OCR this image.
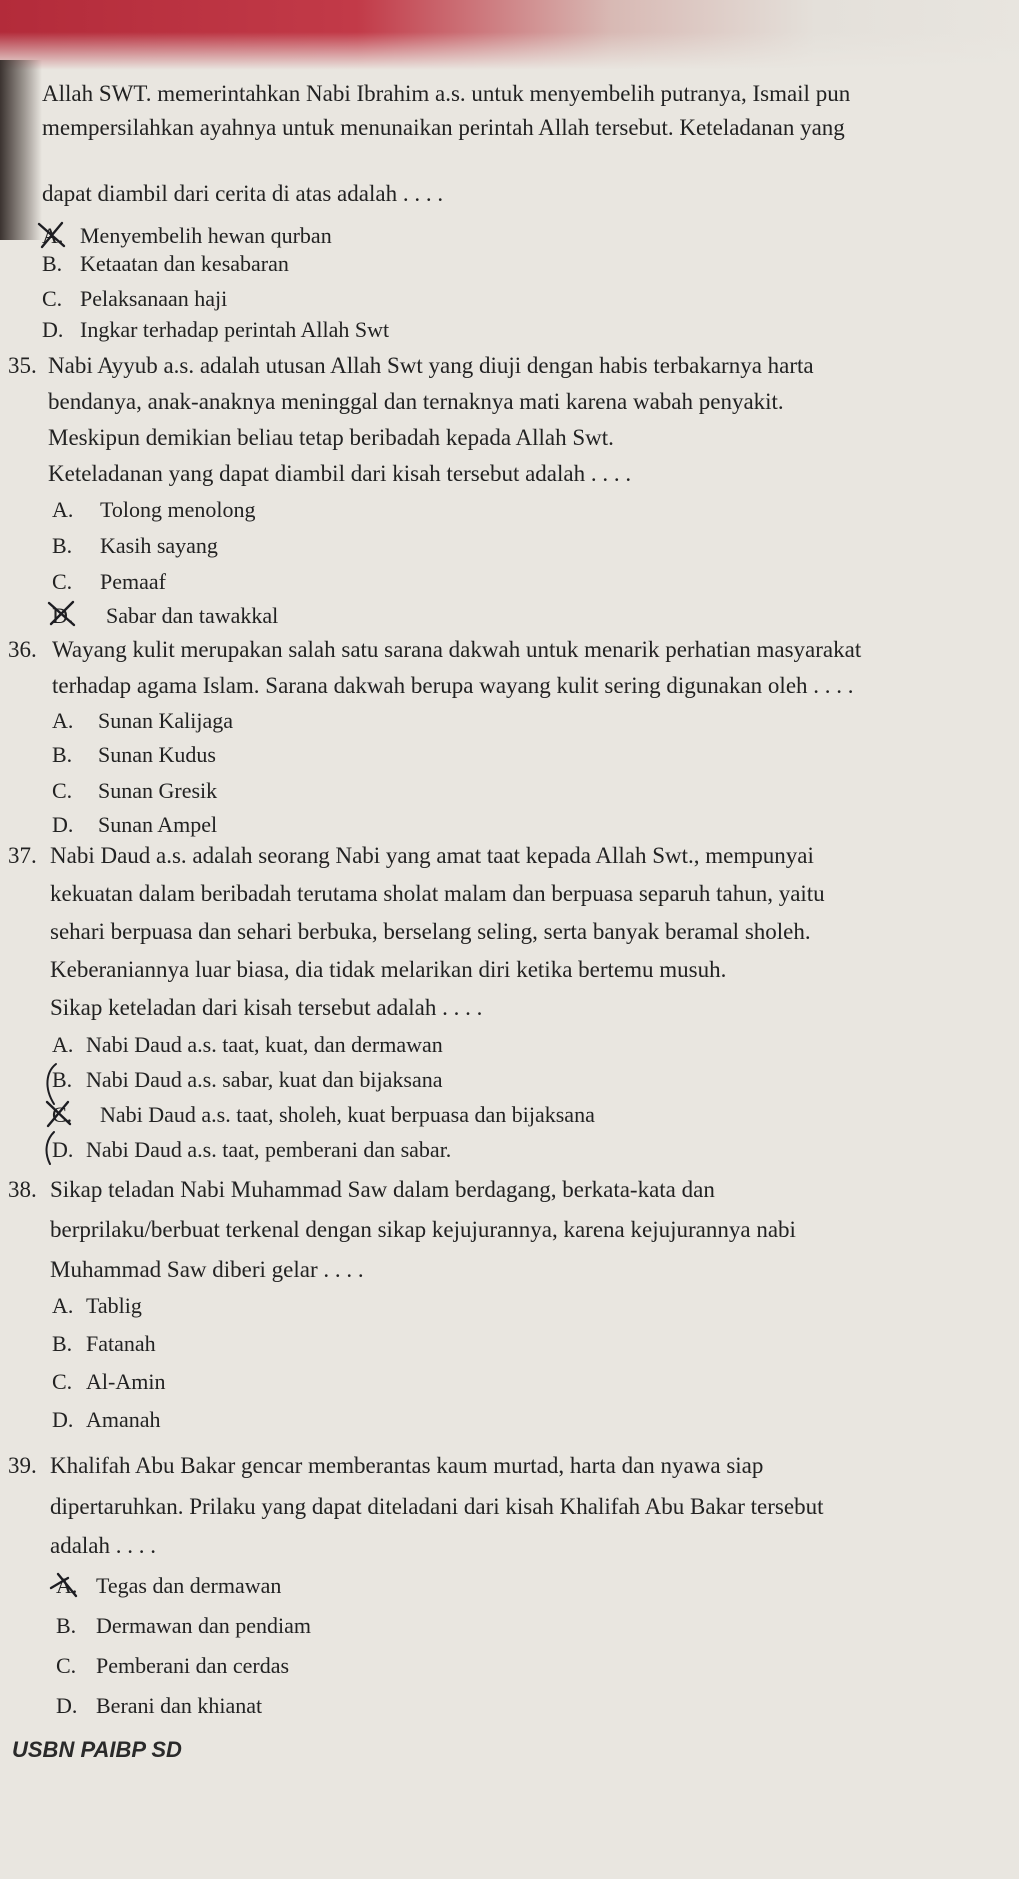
Allah SWT. memerintahkan Nabi Ibrahim a.s. untuk menyembelih putranya, Ismail pun
mempersilahkan ayahnya untuk menunaikan perintah Allah tersebut. Keteladanan yang
dapat diambil dari cerita di atas adalah . . . .
A. Menyembelih hewan qurban
B. Ketaatan dan kesabaran
C. Pelaksanaan haji
D. Ingkar terhadap perintah Allah Swt
35. Nabi Ayyub a.s. adalah utusan Allah Swt yang diuji dengan habis terbakarnya harta
bendanya, anak-anaknya meninggal dan ternaknya mati karena wabah penyakit.
Meskipun demikian beliau tetap beribadah kepada Allah Swt.
Keteladanan yang dapat diambil dari kisah tersebut adalah . . . .
A. Tolong menolong
B. Kasih sayang
C. Pemaaf
D. Sabar dan tawakkal
36. Wayang kulit merupakan salah satu sarana dakwah untuk menarik perhatian masyarakat
terhadap agama Islam. Sarana dakwah berupa wayang kulit sering digunakan oleh . . . .
A. Sunan Kalijaga
B. Sunan Kudus
C. Sunan Gresik
D. Sunan Ampel
37. Nabi Daud a.s. adalah seorang Nabi yang amat taat kepada Allah Swt., mempunyai
kekuatan dalam beribadah terutama sholat malam dan berpuasa separuh tahun, yaitu
sehari berpuasa dan sehari berbuka, berselang seling, serta banyak beramal sholeh.
Keberaniannya luar biasa, dia tidak melarikan diri ketika bertemu musuh.
Sikap keteladan dari kisah tersebut adalah . . . .
A. Nabi Daud a.s. taat, kuat, dan dermawan
B. Nabi Daud a.s. sabar, kuat dan bijaksana
C. Nabi Daud a.s. taat, sholeh, kuat berpuasa dan bijaksana
D. Nabi Daud a.s. taat, pemberani dan sabar.
38. Sikap teladan Nabi Muhammad Saw dalam berdagang, berkata-kata dan
berprilaku/berbuat terkenal dengan sikap kejujurannya, karena kejujurannya nabi
Muhammad Saw diberi gelar . . . .
A. Tablig
B. Fatanah
C. Al-Amin
D. Amanah
39. Khalifah Abu Bakar gencar memberantas kaum murtad, harta dan nyawa siap
dipertaruhkan. Prilaku yang dapat diteladani dari kisah Khalifah Abu Bakar tersebut
adalah . . . .
A. Tegas dan dermawan
B. Dermawan dan pendiam
C. Pemberani dan cerdas
D. Berani dan khianat
USBN PAIBP SD
